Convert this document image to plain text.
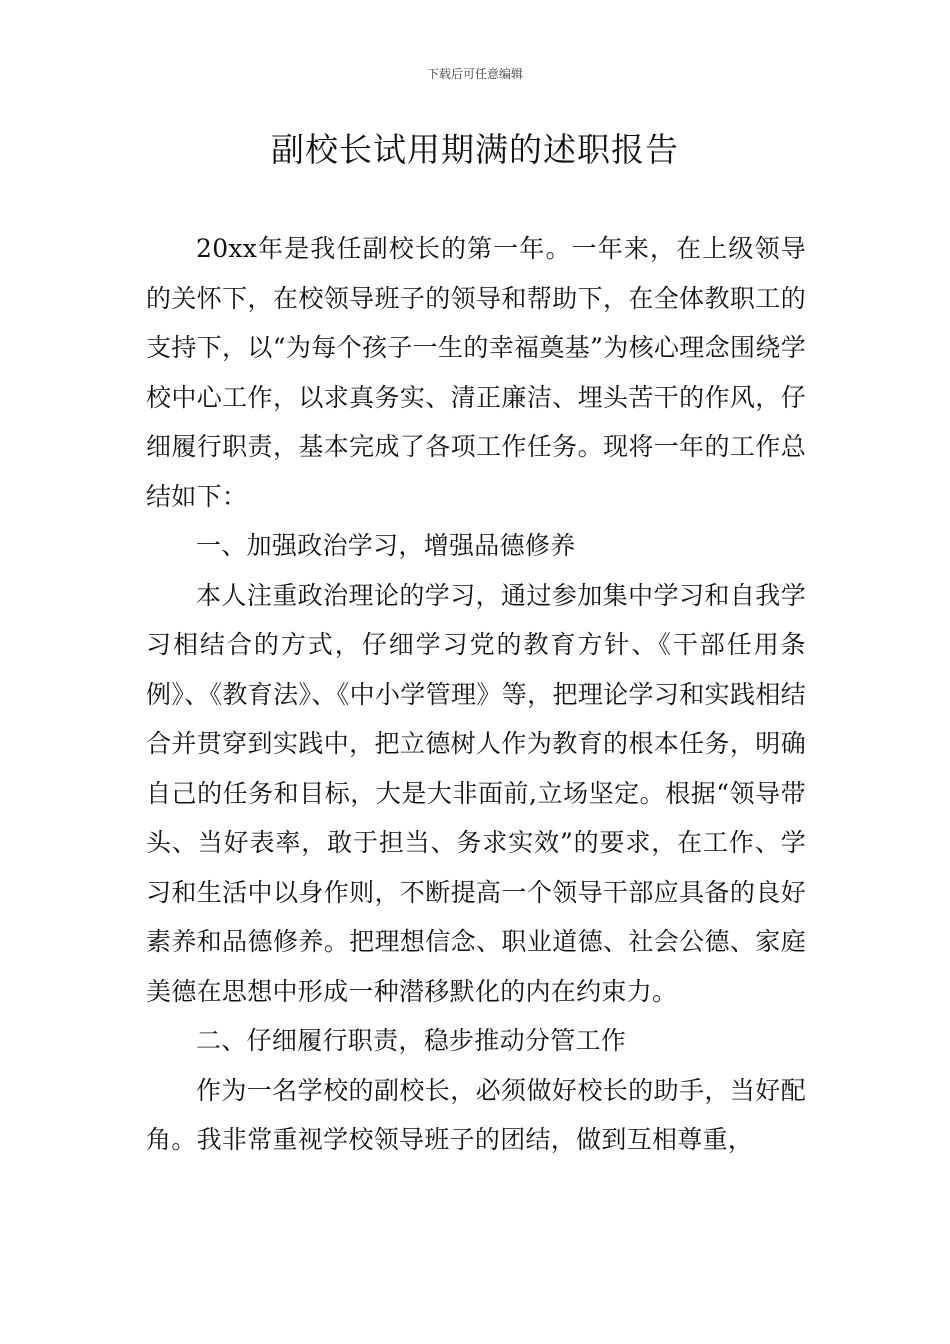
下载后可任意编辑
副校长试用期满的述职报告

20xx年是我任副校长的第一年。一年来，在上级领导的关怀下，在校领导班子的领导和帮助下，在全体教职工的支持下，以“为每个孩子一生的幸福奠基”为核心理念围绕学校中心工作，以求真务实、清正廉洁、埋头苦干的作风，仔细履行职责，基本完成了各项工作任务。现将一年的工作总结如下：

一、加强政治学习，增强品德修养

本人注重政治理论的学习，通过参加集中学习和自我学习相结合的方式，仔细学习党的教育方针、《干部任用条例》、《教育法》、《中小学管理》等，把理论学习和实践相结合并贯穿到实践中，把立德树人作为教育的根本任务，明确自己的任务和目标，大是大非面前,立场坚定。根据“领导带头、当好表率，敢于担当、务求实效”的要求，在工作、学习和生活中以身作则，不断提高一个领导干部应具备的良好素养和品德修养。把理想信念、职业道德、社会公德、家庭美德在思想中形成一种潜移默化的内在约束力。

二、仔细履行职责，稳步推动分管工作

作为一名学校的副校长，必须做好校长的助手，当好配角。我非常重视学校领导班子的团结，做到互相尊重，
